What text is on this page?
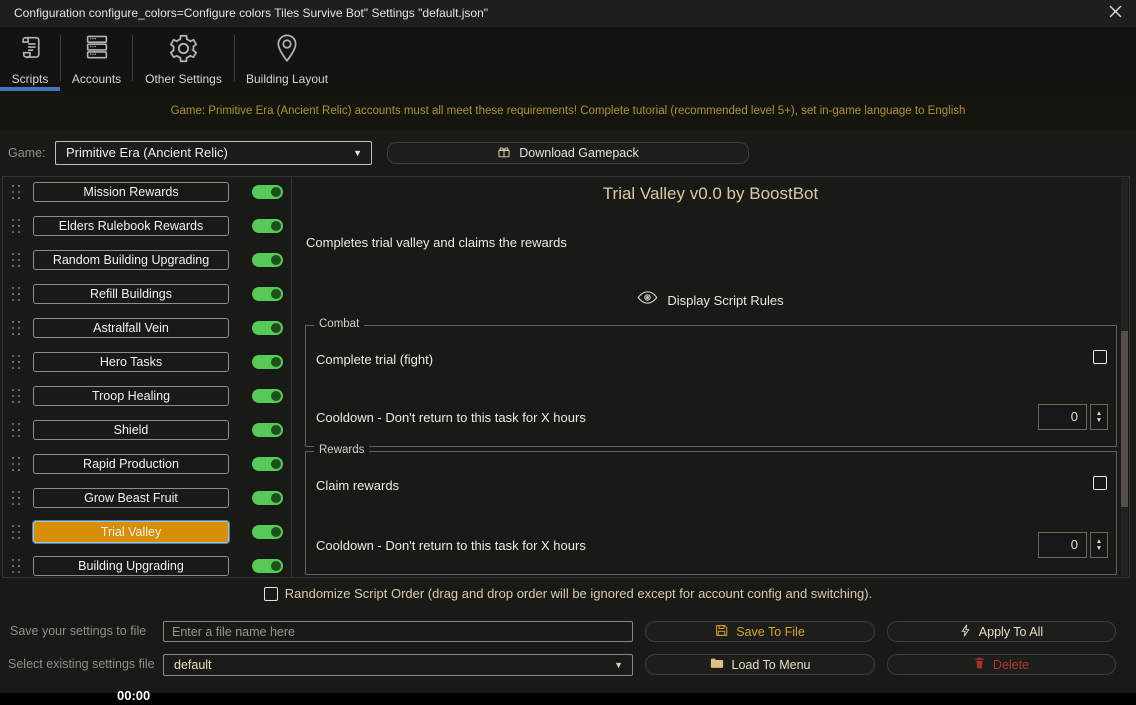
Configuration configure_colors=Configure colors Tiles Survive Bot" Settings "default.json"
Scripts Accounts Other Settings Building Layout
Game: Primitive Era (Ancient Relic) accounts must all meet these requirements! Complete tutorial (recommended level 5+), set in-game language to English
Game: Primitive Era (Ancient Relic)	▼	Download Gamepack
Mission Rewards
Elders Rulebook Rewards
Random Building Upgrading
Refill Buildings
Astralfall Vein
Hero Tasks
Troop Healing
Shield
Rapid Production
Grow Beast Fruit
Trial Valley
Building Upgrading
Trial Valley v0.0 by BoostBot
Completes trial valley and claims the rewards
Display Script Rules
Combat
Complete trial (fight)
Cooldown - Don't return to this task for X hours	0	▲
▼
Rewards
Claim rewards
Cooldown - Don't return to this task for X hours	0	▲
▼
Randomize Script Order (drag and drop order will be ignored except for account config and switching).
Save your settings to file
Enter a file name here	Save To File	Apply To All
Select existing settings file default	▼	Load To Menu	Delete
00:00
